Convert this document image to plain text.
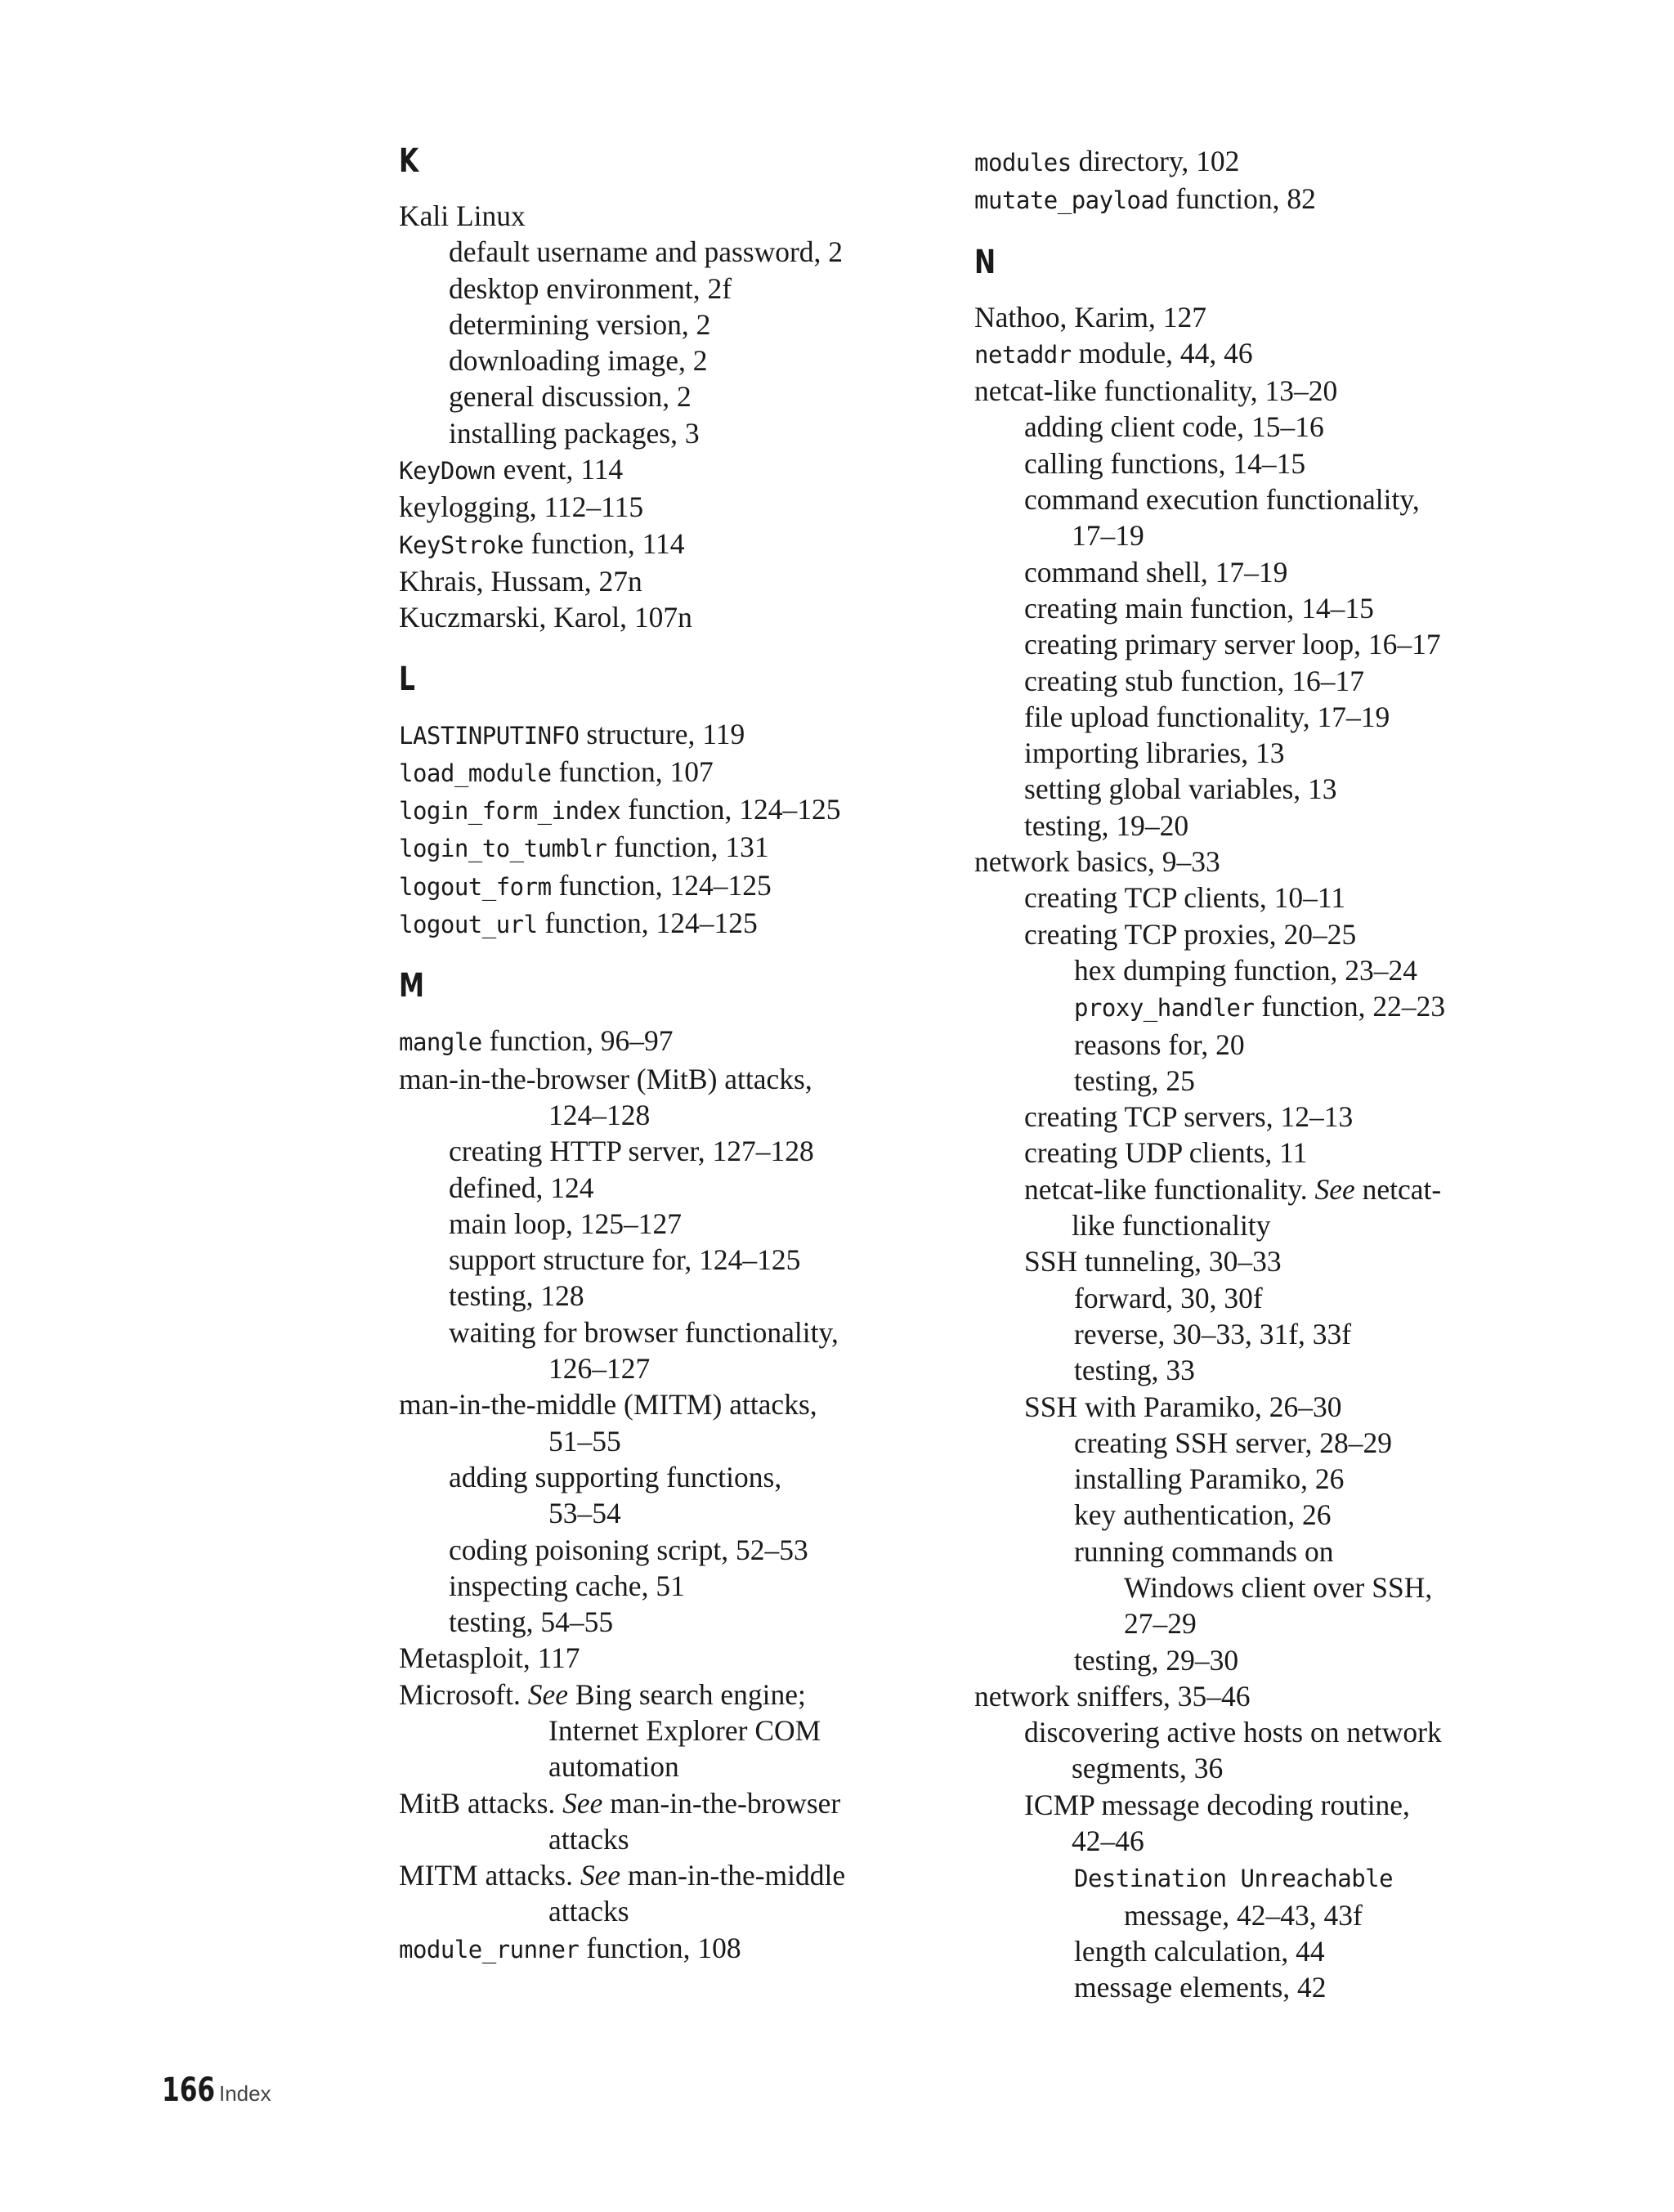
K
Kali Linux
default username and password, 2
desktop environment, 2f
determining version, 2
downloading image, 2
general discussion, 2
installing packages, 3
KeyDown event, 114
keylogging, 112–115
KeyStroke function, 114
Khrais, Hussam, 27n
Kuczmarski, Karol, 107n
L
LASTINPUTINFO structure, 119
load_module function, 107
login_form_index function, 124–125
login_to_tumblr function, 131
logout_form function, 124–125
logout_url function, 124–125
M
mangle function, 96–97
man-in-the-browser (MitB) attacks,
124–128
creating HTTP server, 127–128
defined, 124
main loop, 125–127
support structure for, 124–125
testing, 128
waiting for browser functionality,
126–127
man-in-the-middle (MITM) attacks,
51–55
adding supporting functions,
53–54
coding poisoning script, 52–53
inspecting cache, 51
testing, 54–55
Metasploit, 117
Microsoft. See Bing search engine;
Internet Explorer COM
automation
MitB attacks. See man-in-the-browser
attacks
MITM attacks. See man-in-the-middle
attacks
module_runner function, 108
modules directory, 102
mutate_payload function, 82
N
Nathoo, Karim, 127
netaddr module, 44, 46
netcat-like functionality, 13–20
adding client code, 15–16
calling functions, 14–15
command execution functionality,
17–19
command shell, 17–19
creating main function, 14–15
creating primary server loop, 16–17
creating stub function, 16–17
file upload functionality, 17–19
importing libraries, 13
setting global variables, 13
testing, 19–20
network basics, 9–33
creating TCP clients, 10–11
creating TCP proxies, 20–25
hex dumping function, 23–24
proxy_handler function, 22–23
reasons for, 20
testing, 25
creating TCP servers, 12–13
creating UDP clients, 11
netcat-like functionality. See netcat-
like functionality
SSH tunneling, 30–33
forward, 30, 30f
reverse, 30–33, 31f, 33f
testing, 33
SSH with Paramiko, 26–30
creating SSH server, 28–29
installing Paramiko, 26
key authentication, 26
running commands on
Windows client over SSH,
27–29
testing, 29–30
network sniffers, 35–46
discovering active hosts on network
segments, 36
ICMP message decoding routine,
42–46
Destination Unreachable
message, 42–43, 43f
length calculation, 44
message elements, 42
166 Index
